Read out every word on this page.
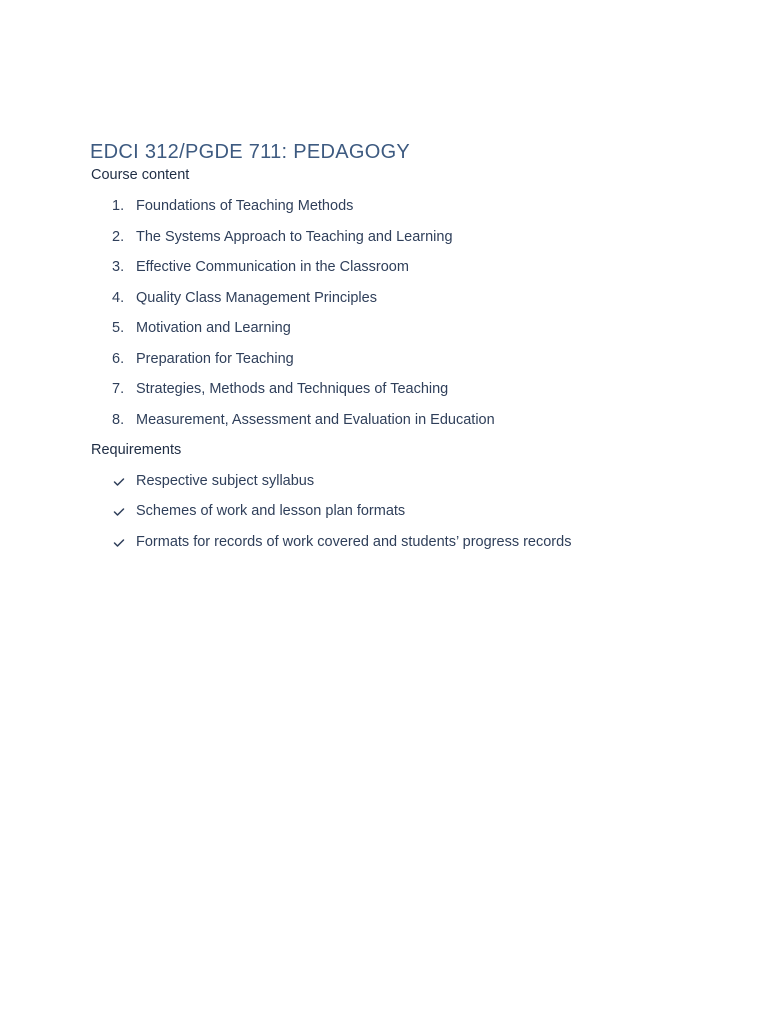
EDCI 312/PGDE 711: PEDAGOGY
Course content
1. Foundations of Teaching Methods
2. The Systems Approach to Teaching and Learning
3. Effective Communication in the Classroom
4. Quality Class Management Principles
5. Motivation and Learning
6. Preparation for Teaching
7. Strategies, Methods and Techniques of Teaching
8. Measurement, Assessment and Evaluation in Education
Requirements
Respective subject syllabus
Schemes of work and lesson plan formats
Formats for records of work covered and students’ progress records
